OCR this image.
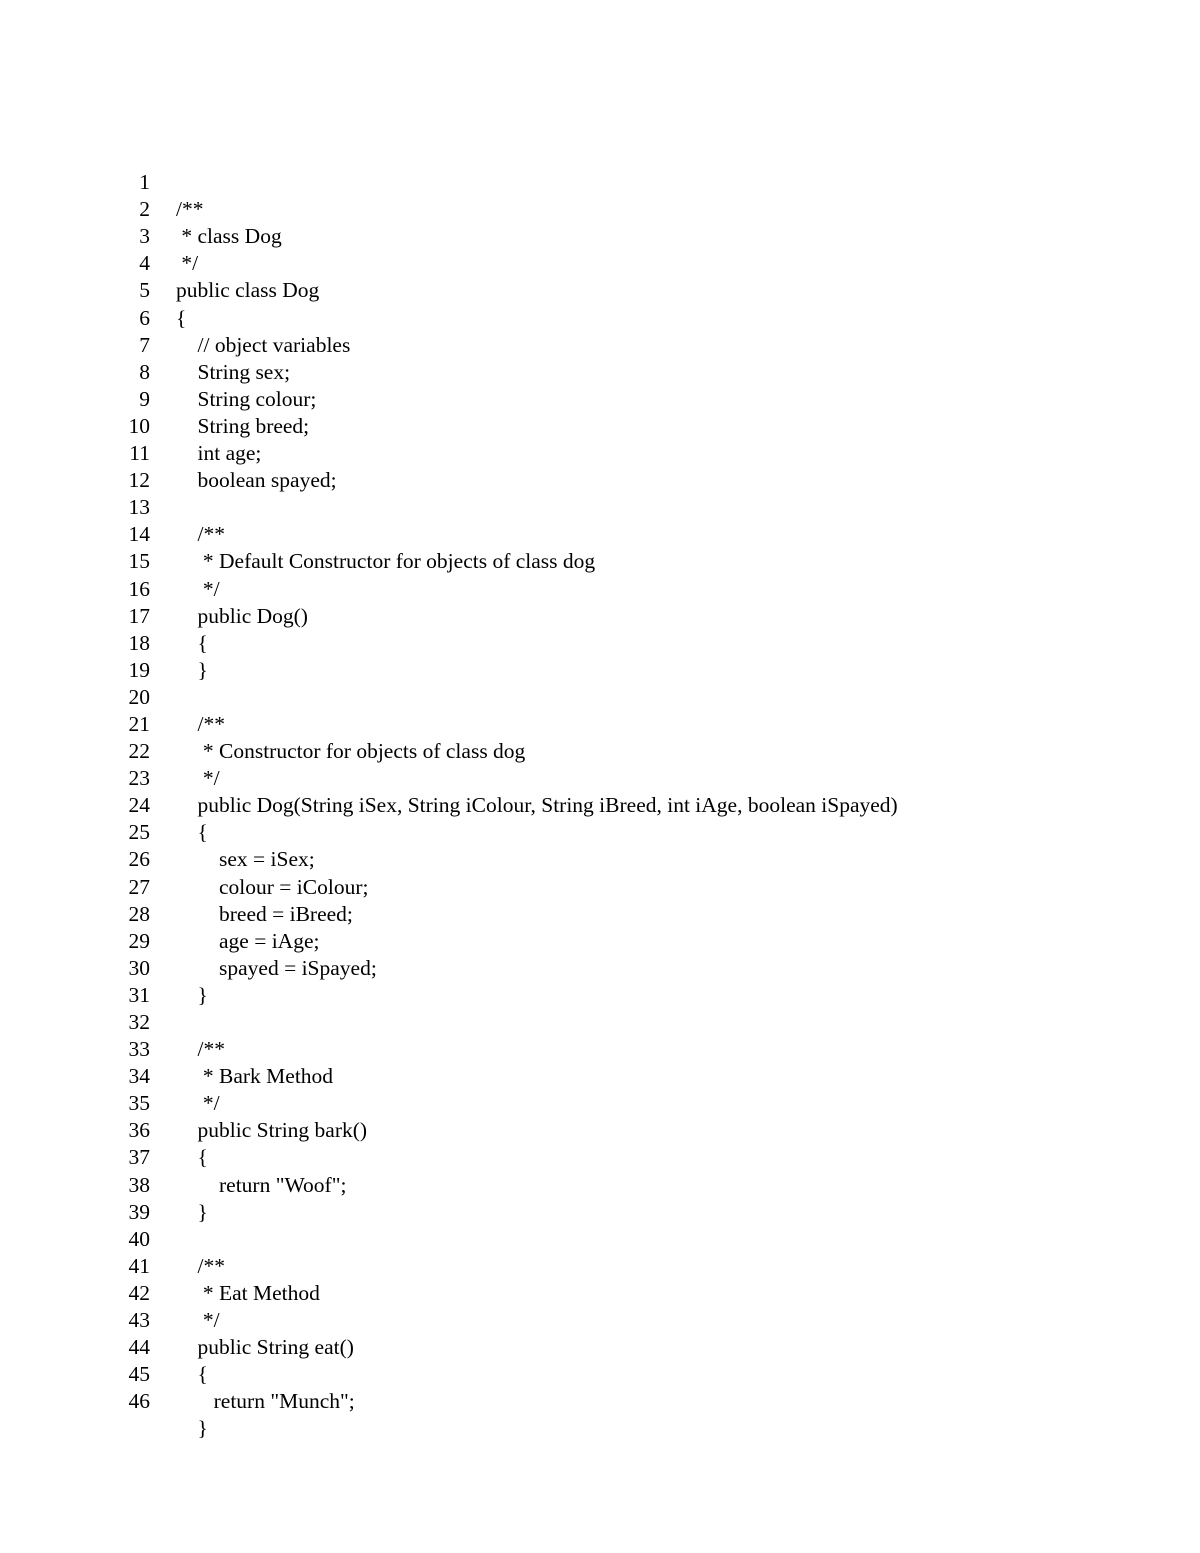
1

/**

2

* class Dog

3

*/

4

public class Dog

5

{

6

// object variables

7

String sex;

8

String colour;

9

String breed;

10

int age;

11

boolean spayed;

12

13

/**

14

* Default Constructor for objects of class dog

15

*/

16

public Dog()

17

{

18

}

19

20

/**

21

* Constructor for objects of class dog

22

*/

23

public Dog(String iSex, String iColour, String iBreed, int iAge, boolean iSpayed)

24

{

25

sex = iSex;

26

colour = iColour;

27

breed = iBreed;

28

age = iAge;

29

spayed = iSpayed;

30

}

31

32

/**

33

* Bark Method

34

*/

35

public String bark()

36

{

37

return "Woof";

38

}

39

40

/**

41

* Eat Method

42

*/

43

public String eat()

44

{

45

return "Munch";

46

}
